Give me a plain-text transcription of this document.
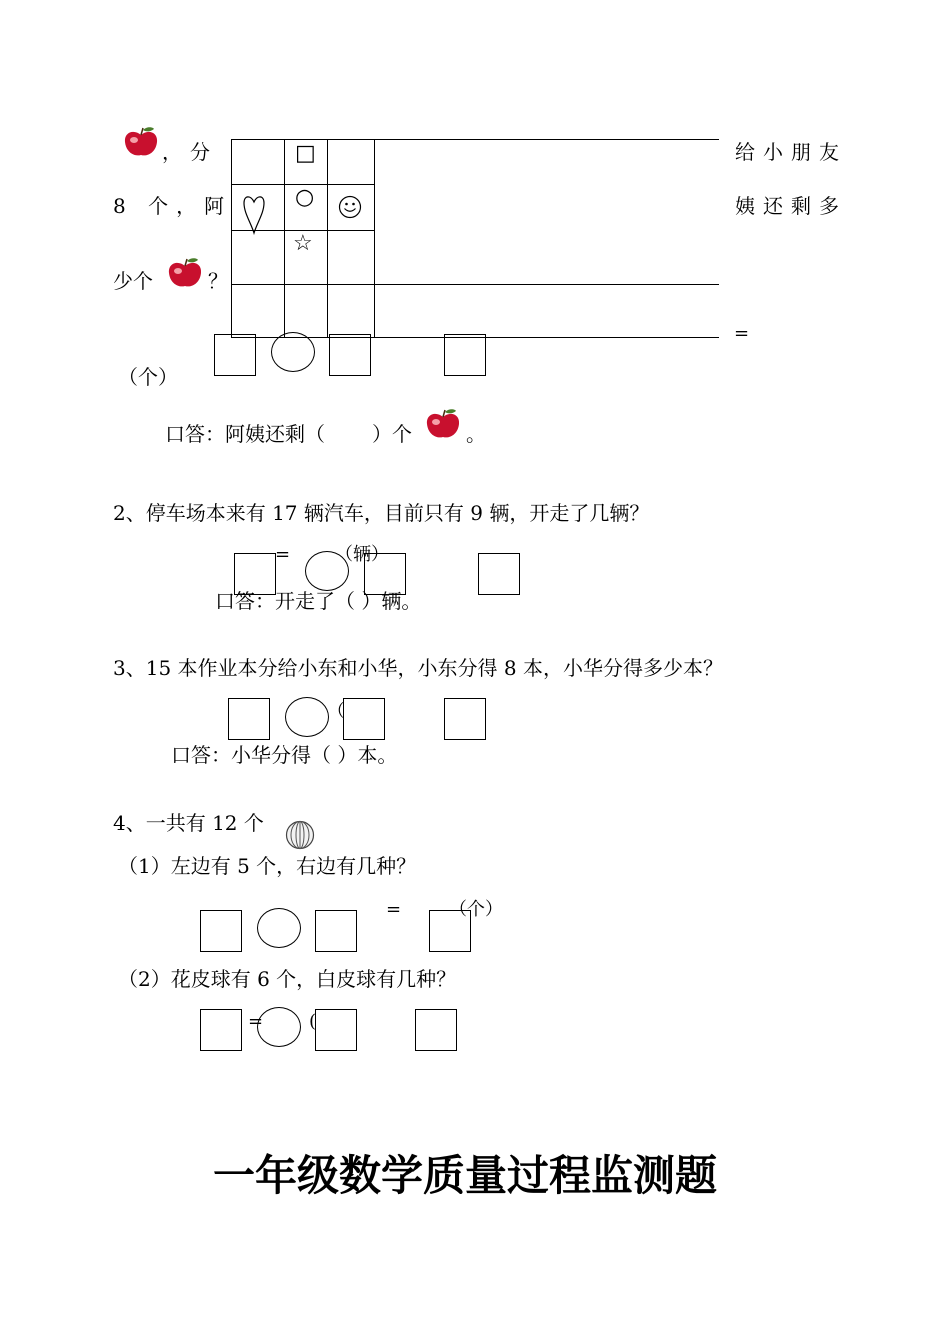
，分	给小朋友
8 个，阿	姨还剩多
少个	？
□
○
☆
=
（个）
口答：阿姨还剩（ ）个	。
2、停车场本来有 17 辆汽车，目前只有 9 辆，开走了几辆？
= （辆）
口答：开走了（ ）辆。
3、15 本作业本分给小东和小华，小东分得 8 本，小华分得多少本？
（
口答：小华分得（ ）本。
4、一共有 12 个
（1）左边有 5 个，右边有几种？
=	（个）
（2）花皮球有 6 个，白皮球有几种？
=	(
一年级数学质量过程监测题
